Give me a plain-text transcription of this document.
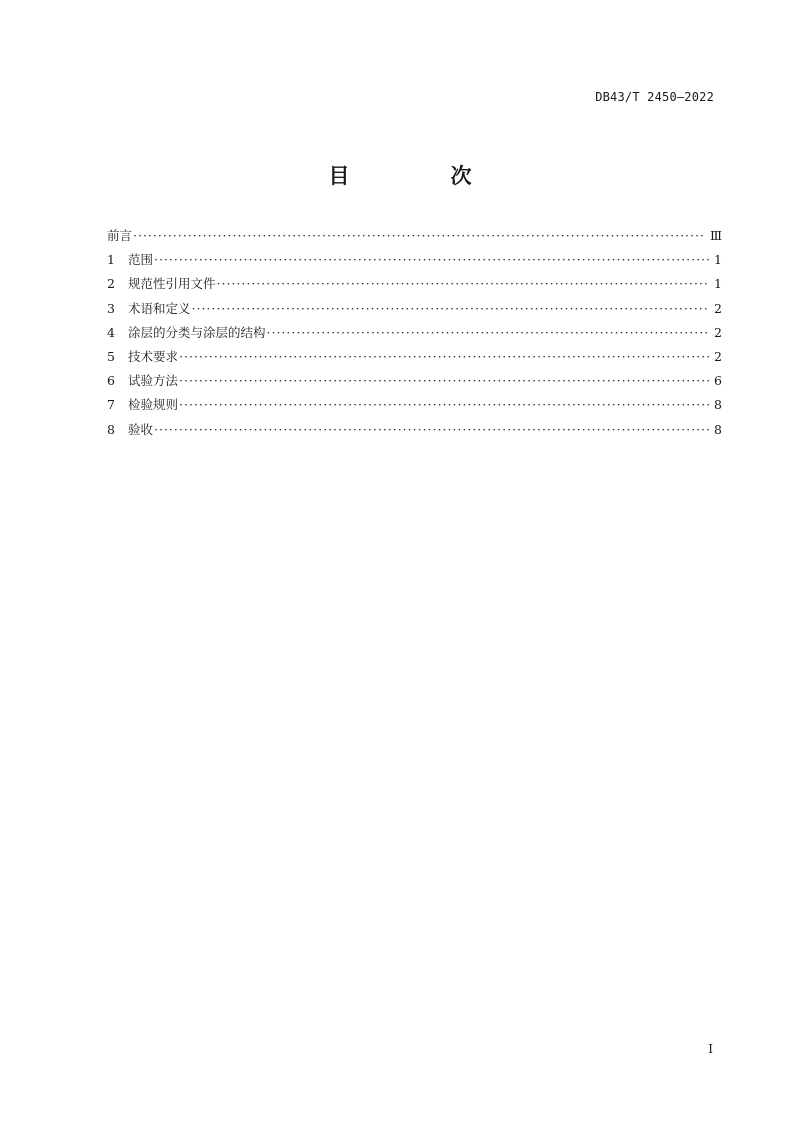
DB43/T 2450—2022
目　次
前言 ·····	Ⅲ
1	范围 ·····	1
2	规范性引用文件 ·····	1
3	术语和定义 ·····	2
4	涂层的分类与涂层的结构 ·····	2
5	技术要求 ·····	2
6	试验方法 ·····	6
7	检验规则 ·····	8
8	验收 ·····	8
I
